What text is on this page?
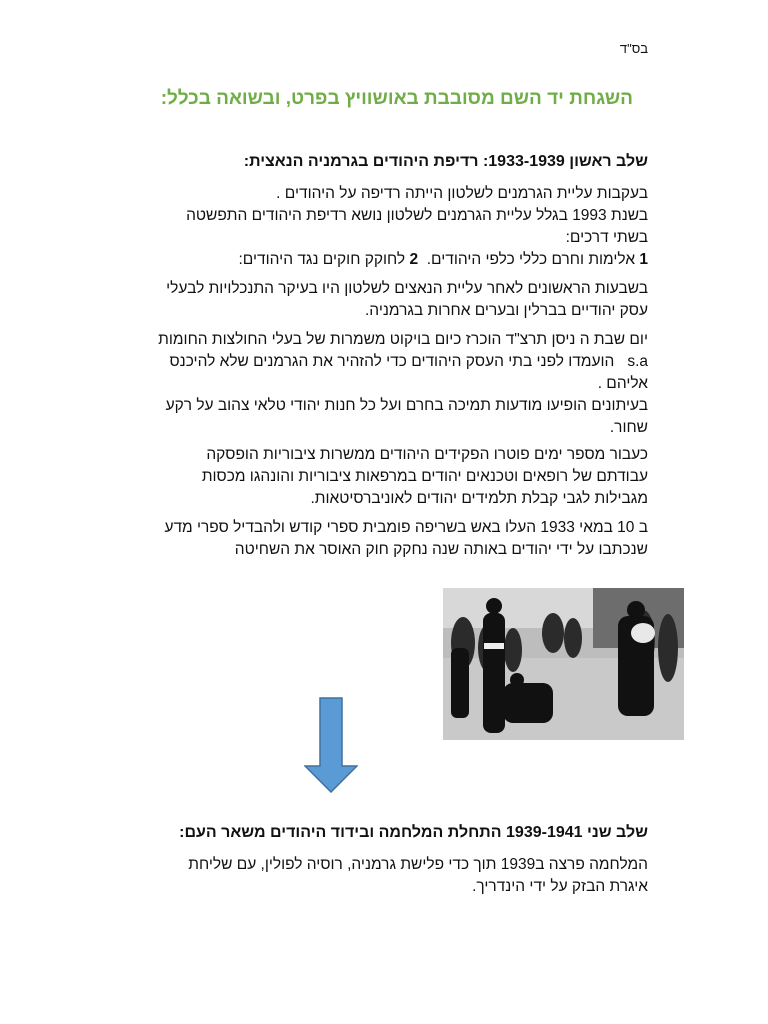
בס"ד
השגחת יד השם מסובבת באושוויץ בפרט, ובשואה בכלל:
שלב ראשון 1933-1939: רדיפת היהודים בגרמניה הנאצית:
בעקבות עליית הגרמנים לשלטון הייתה רדיפה על היהודים .
בשנת 1993 בגלל עליית הגרמנים לשלטון נושא רדיפת היהודים התפשטה
בשתי דרכים:
1 אלימות וחרם כללי כלפי היהודים.  2 לחוקק חוקים נגד היהודים:
בשבעות הראשונים לאחר עליית הנאצים לשלטון היו בעיקר התנכלויות לבעלי
עסק יהודיים בברלין ובערים אחרות בגרמניה.
יום שבת ה ניסן תרצ"ד הוכרז כיום בויקוט משמרות של בעלי החולצות החומות
s.a   הועמדו לפני בתי העסק היהודים כדי להזהיר את הגרמנים שלא להיכנס
אליהם .
בעיתונים הופיעו מודעות תמיכה בחרם ועל כל חנות יהודי טלאי צהוב על רקע
שחור.
כעבור מספר ימים פוטרו הפקידים היהודים ממשרות ציבוריות הופסקה
עבודתם של רופאים וטכנאים יהודים במרפאות ציבוריות והונהגו מכסות
מגבילות לגבי קבלת תלמידים יהודים לאוניברסיטאות.
ב 10 במאי 1933 העלו באש בשריפה פומבית ספרי קודש ולהבדיל ספרי מדע
שנכתבו על ידי יהודים באותה שנה נחקק חוק האוסר את השחיטה
שלב שני 1939-1941 התחלת המלחמה ובידוד היהודים משאר העם:
המלחמה פרצה ב1939 תוך כדי פלישת גרמניה, רוסיה לפולין, עם שליחת
איגרת הבזק על ידי הינדריך.
